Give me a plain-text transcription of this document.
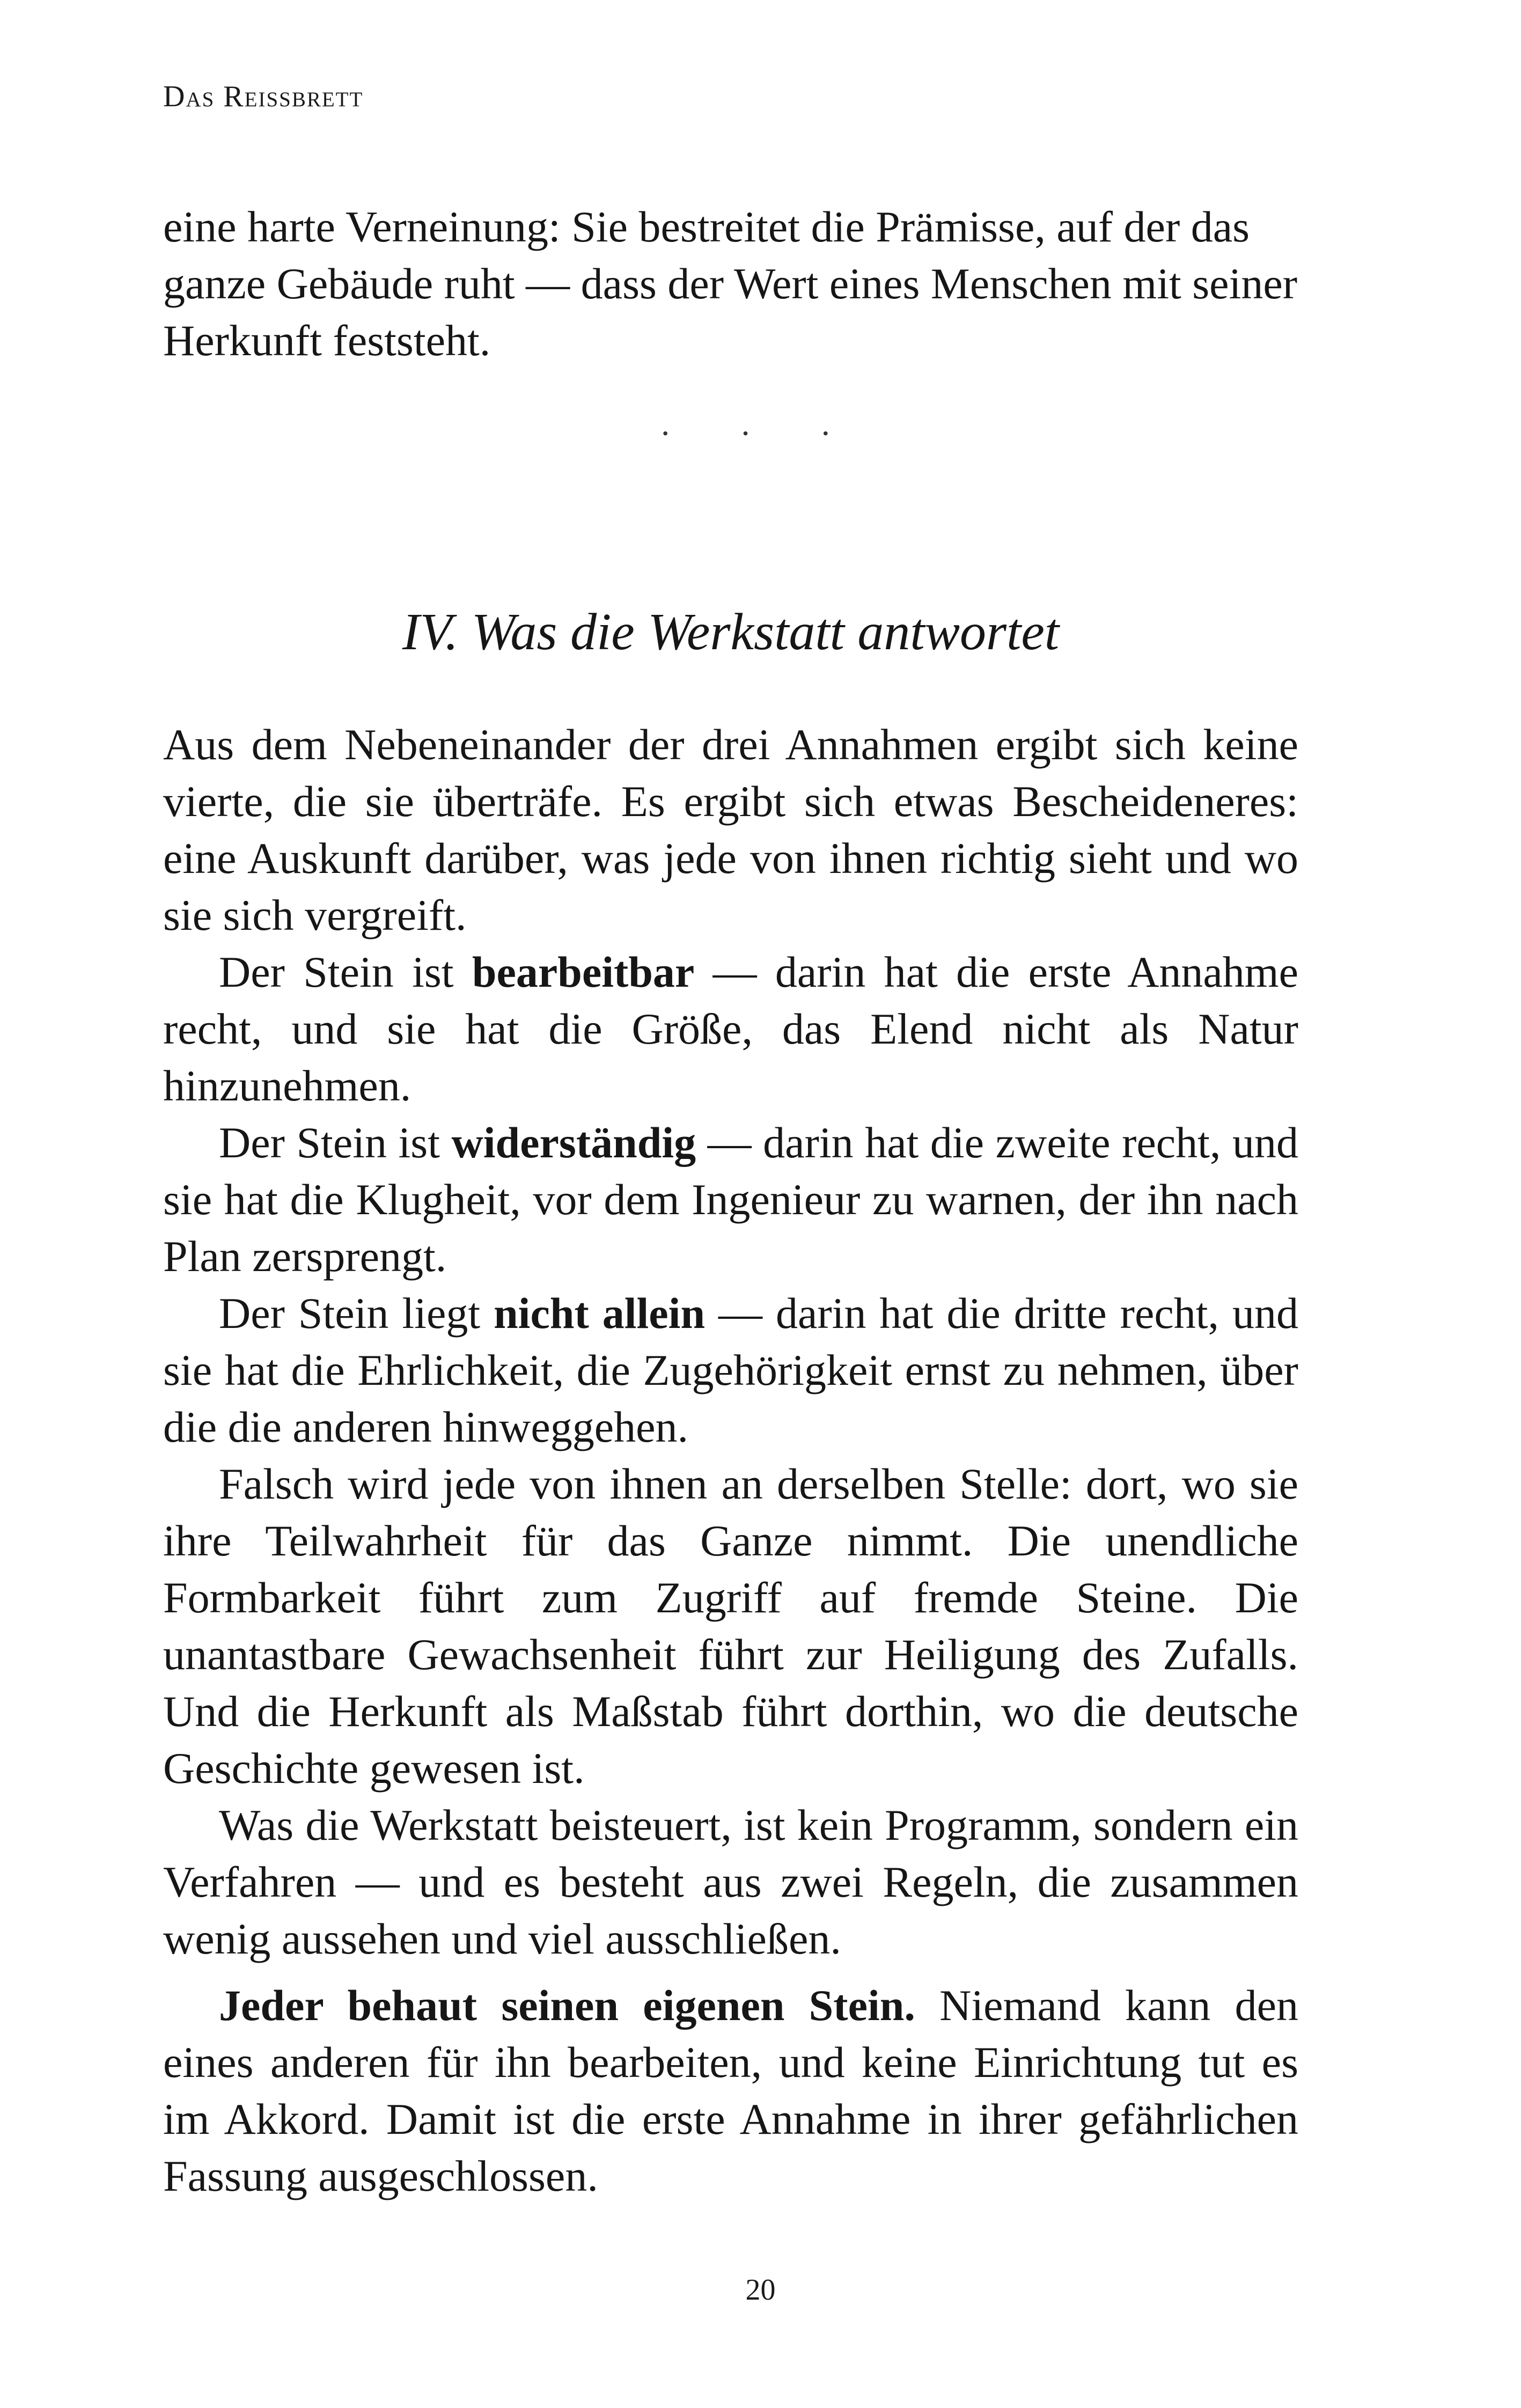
Das Reissbrett

eine harte Verneinung: Sie bestreitet die Prämisse, auf der das ganze Gebäude ruht — dass der Wert eines Menschen mit seiner Herkunft feststeht.

· · ·
IV. Was die Werkstatt antwortet

Aus dem Nebeneinander der drei Annahmen ergibt sich keine vierte, die sie überträfe. Es ergibt sich etwas Bescheideneres: eine Auskunft darüber, was jede von ihnen richtig sieht und wo sie sich vergreift.

Der Stein ist bearbeitbar — darin hat die erste Annahme recht, und sie hat die Größe, das Elend nicht als Natur hinzunehmen.

Der Stein ist widerständig — darin hat die zweite recht, und sie hat die Klugheit, vor dem Ingenieur zu warnen, der ihn nach Plan zersprengt.

Der Stein liegt nicht allein — darin hat die dritte recht, und sie hat die Ehrlichkeit, die Zugehörigkeit ernst zu nehmen, über die die anderen hinweggehen.

Falsch wird jede von ihnen an derselben Stelle: dort, wo sie ihre Teilwahrheit für das Ganze nimmt. Die unendliche Formbarkeit führt zum Zugriff auf fremde Steine. Die unantastbare Gewachsenheit führt zur Heiligung des Zufalls. Und die Herkunft als Maßstab führt dorthin, wo die deutsche Geschichte gewesen ist.

Was die Werkstatt beisteuert, ist kein Programm, sondern ein Verfahren — und es besteht aus zwei Regeln, die zusammen wenig aussehen und viel ausschließen.

Jeder behaut seinen eigenen Stein. Niemand kann den eines anderen für ihn bearbeiten, und keine Einrichtung tut es im Akkord. Damit ist die erste Annahme in ihrer gefährlichen Fassung ausgeschlossen.

20
